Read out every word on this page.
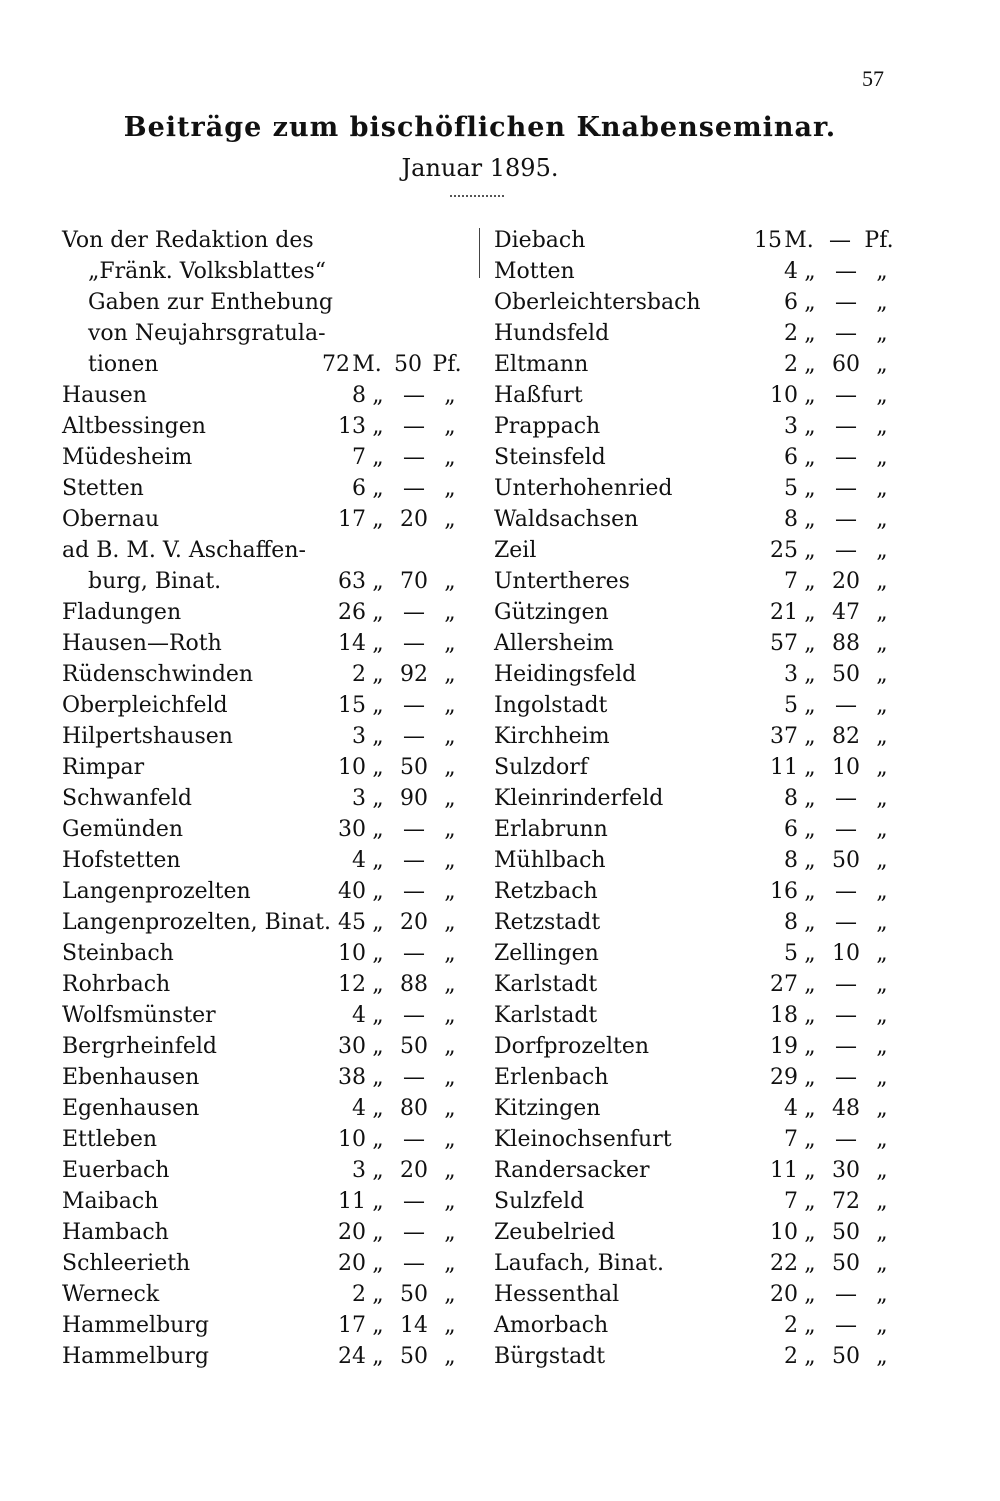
57
Beiträge zum bischöflichen Knabenseminar.
Januar 1895.
Von der Redaktion des
„Fränk. Volksblattes“
Gaben zur Enthebung
von Neujahrsgratula-
tionen	72 M. 50 Pf.
Hausen	8 „ — „
Altbessingen	13 „ — „
Müdesheim	7 „ — „
Stetten	6 „ — „
Obernau	17 „ 20 „
ad B. M. V. Aschaffen-
burg, Binat.	63 „ 70 „
Fladungen	26 „ — „
Hausen—Roth	14 „ — „
Rüdenschwinden	2 „ 92 „
Oberpleichfeld	15 „ — „
Hilpertshausen	3 „ — „
Rimpar	10 „ 50 „
Schwanfeld	3 „ 90 „
Gemünden	30 „ — „
Hofstetten	4 „ — „
Langenprozelten	40 „ — „
Langenprozelten, Binat. 45 „ 20 „
Steinbach	10 „ — „
Rohrbach	12 „ 88 „
Wolfsmünster	4 „ — „
Bergrheinfeld	30 „ 50 „
Ebenhausen	38 „ — „
Egenhausen	4 „ 80 „
Ettleben	10 „ — „
Euerbach	3 „ 20 „
Maibach	11 „ — „
Hambach	20 „ — „
Schleerieth	20 „ — „
Werneck	2 „ 50 „
Hammelburg	17 „ 14 „
Hammelburg	24 „ 50 „
Diebach	15 M. — Pf.
Motten	4 „ — „
Oberleichtersbach	6 „ — „
Hundsfeld	2 „ — „
Eltmann	2 „ 60 „
Haßfurt	10 „ — „
Prappach	3 „ — „
Steinsfeld	6 „ — „
Unterhohenried	5 „ — „
Waldsachsen	8 „ — „
Zeil	25 „ — „
Untertheres	7 „ 20 „
Gützingen	21 „ 47 „
Allersheim	57 „ 88 „
Heidingsfeld	3 „ 50 „
Ingolstadt	5 „ — „
Kirchheim	37 „ 82 „
Sulzdorf	11 „ 10 „
Kleinrinderfeld	8 „ — „
Erlabrunn	6 „ — „
Mühlbach	8 „ 50 „
Retzbach	16 „ — „
Retzstadt	8 „ — „
Zellingen	5 „ 10 „
Karlstadt	27 „ — „
Karlstadt	18 „ — „
Dorfprozelten	19 „ — „
Erlenbach	29 „ — „
Kitzingen	4 „ 48 „
Kleinochsenfurt	7 „ — „
Randersacker	11 „ 30 „
Sulzfeld	7 „ 72 „
Zeubelried	10 „ 50 „
Laufach, Binat.	22 „ 50 „
Hessenthal	20 „ — „
Amorbach	2 „ — „
Bürgstadt	2 „ 50 „
